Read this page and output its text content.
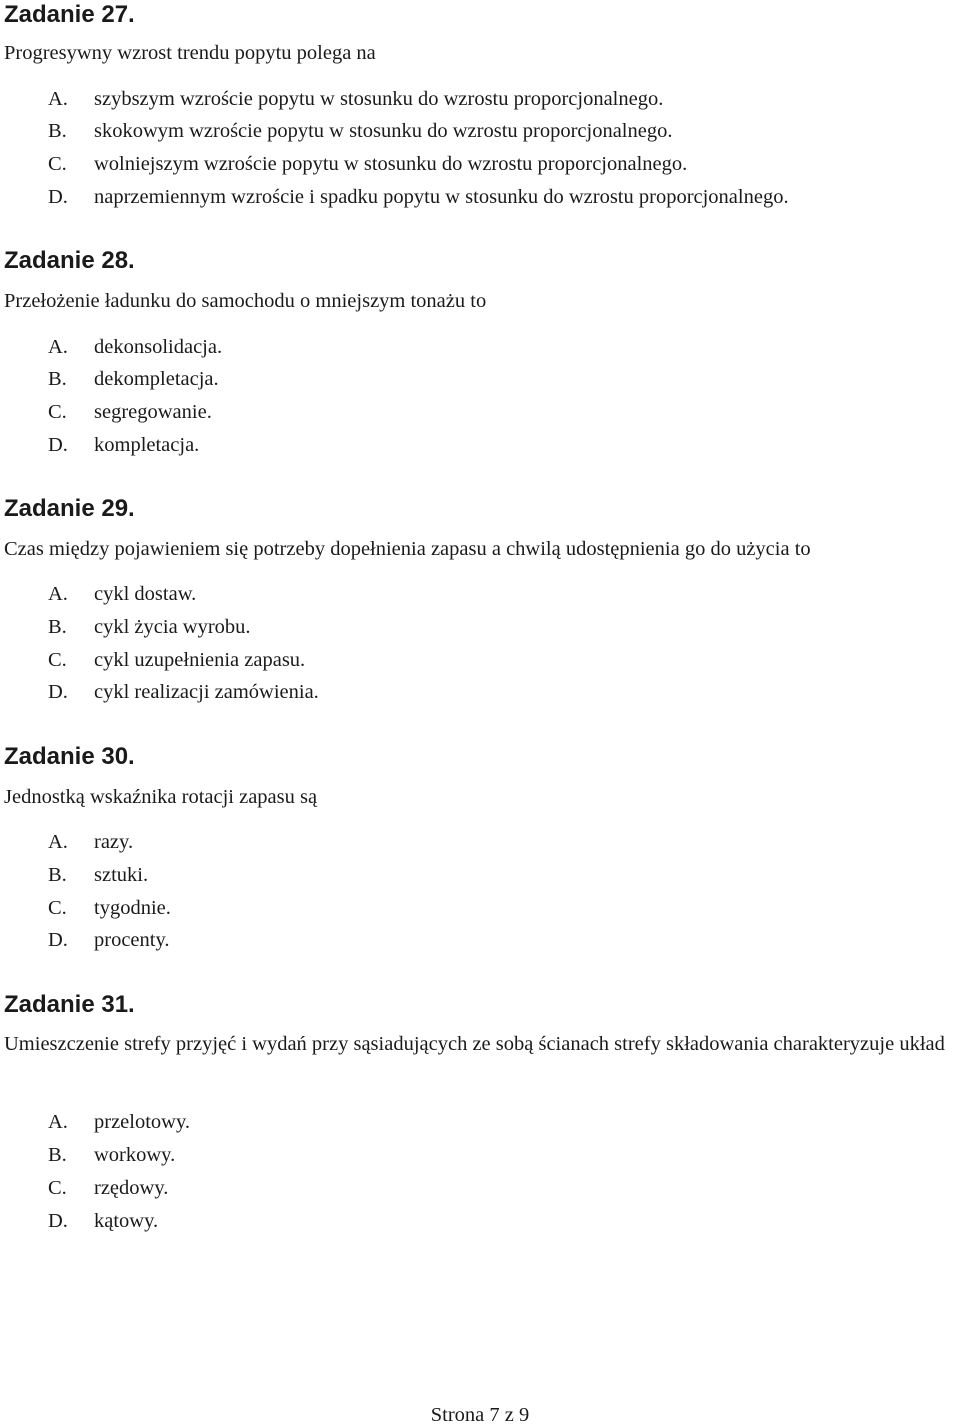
Zadanie 27.

Progresywny wzrost trendu popytu polega na

A. szybszym wzroście popytu w stosunku do wzrostu proporcjonalnego.
B. skokowym wzroście popytu w stosunku do wzrostu proporcjonalnego.
C. wolniejszym wzroście popytu w stosunku do wzrostu proporcjonalnego.
D. naprzemiennym wzroście i spadku popytu w stosunku do wzrostu proporcjonalnego.
Zadanie 28.

Przełożenie ładunku do samochodu o mniejszym tonażu to

A. dekonsolidacja.
B. dekompletacja.
C. segregowanie.
D. kompletacja.
Zadanie 29.

Czas między pojawieniem się potrzeby dopełnienia zapasu a chwilą udostępnienia go do użycia to

A. cykl dostaw.
B. cykl życia wyrobu.
C. cykl uzupełnienia zapasu.
D. cykl realizacji zamówienia.
Zadanie 30.

Jednostką wskaźnika rotacji zapasu są

A. razy.
B. sztuki.
C. tygodnie.
D. procenty.
Zadanie 31.

Umieszczenie strefy przyjęć i wydań przy sąsiadujących ze sobą ścianach strefy składowania charakteryzuje układ

A. przelotowy.
B. workowy.
C. rzędowy.
D. kątowy.
Strona 7 z 9
